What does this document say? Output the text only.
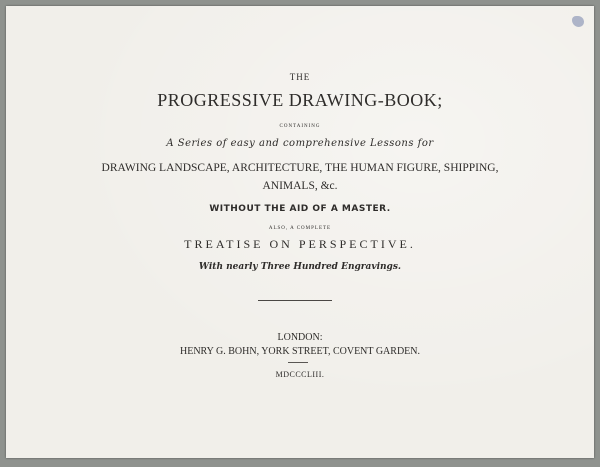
THE
PROGRESSIVE DRAWING-BOOK;
CONTAINING
A Series of easy and comprehensive Lessons for
DRAWING LANDSCAPE, ARCHITECTURE, THE HUMAN FIGURE, SHIPPING,
ANIMALS, &c.
WITHOUT THE AID OF A MASTER.
ALSO, A COMPLETE
TREATISE ON PERSPECTIVE.
With nearly Three Hundred Engravings.
LONDON:
HENRY G. BOHN, YORK STREET, COVENT GARDEN.
MDCCCLIII.
